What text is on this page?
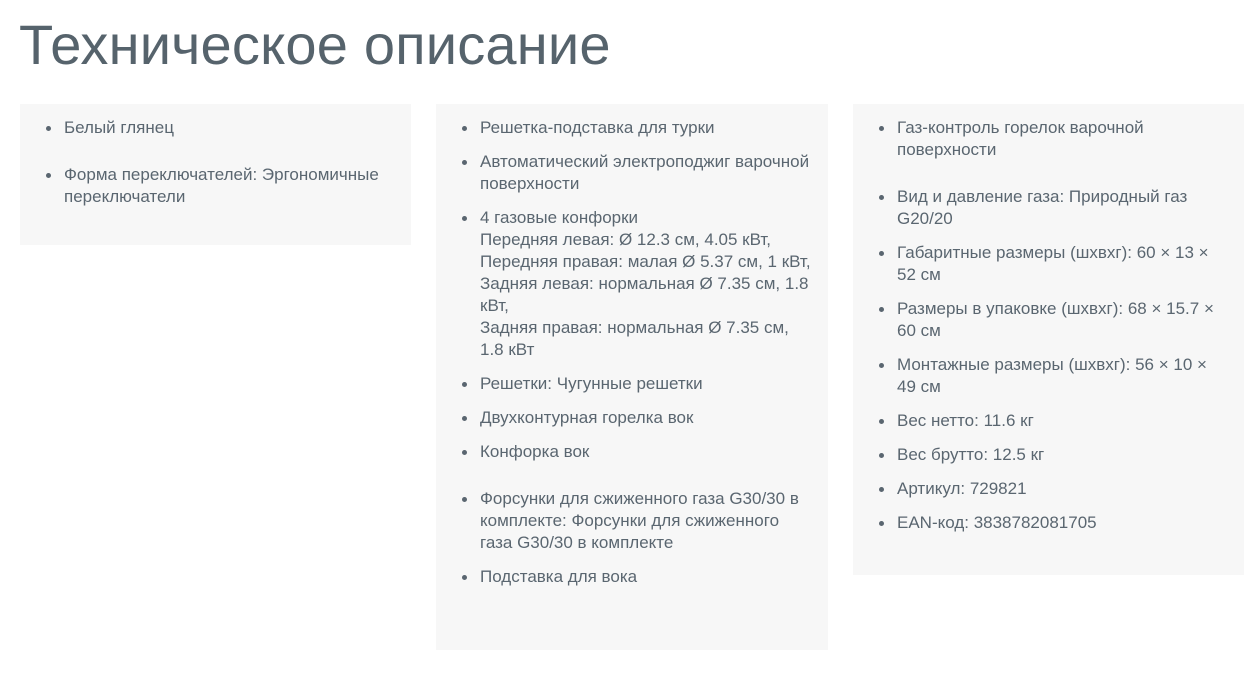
Техническое описание
Белый глянец
Форма переключателей: Эргономичные переключатели
Решетка-подставка для турки
Автоматический электроподжиг варочной поверхности
4 газовые конфорки
Передняя левая: Ø 12.3 см, 4.05 кВт,
Передняя правая: малая Ø 5.37 см, 1 кВт,
Задняя левая: нормальная Ø 7.35 см, 1.8 кВт,
Задняя правая: нормальная Ø 7.35 см, 1.8 кВт
Решетки: Чугунные решетки
Двухконтурная горелка вок
Конфорка вок
Форсунки для сжиженного газа G30/30 в комплекте: Форсунки для сжиженного газа G30/30 в комплекте
Подставка для вока
Газ-контроль горелок варочной поверхности
Вид и давление газа: Природный газ G20/20
Габаритные размеры (шхвхг): 60 × 13 × 52 см
Размеры в упаковке (шхвхг): 68 × 15.7 × 60 см
Монтажные размеры (шхвхг): 56 × 10 × 49 см
Вес нетто: 11.6 кг
Вес брутто: 12.5 кг
Артикул: 729821
EAN-код: 3838782081705
